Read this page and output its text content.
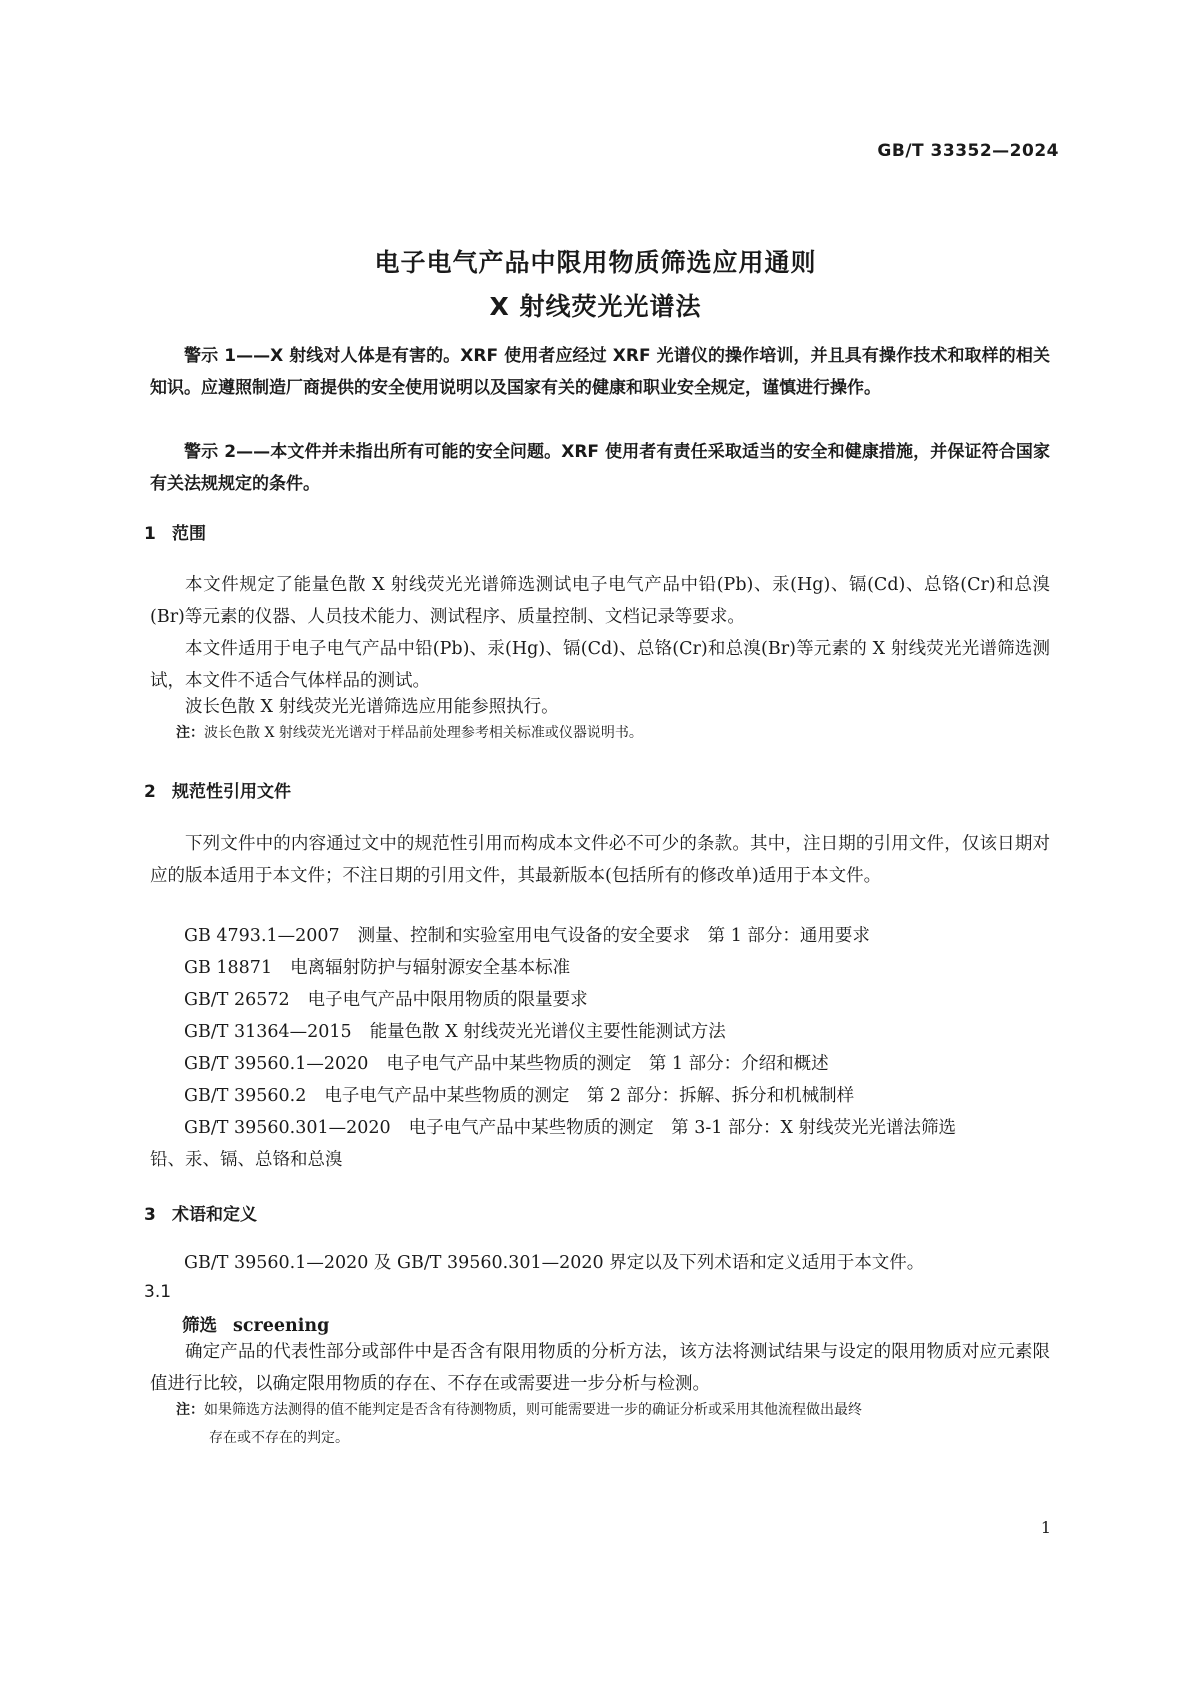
GB/T 33352—2024
电子电气产品中限用物质筛选应用通则
X 射线荧光光谱法
警示 1——X 射线对人体是有害的。XRF 使用者应经过 XRF 光谱仪的操作培训，并且具有操作技术和取样的相关知识。应遵照制造厂商提供的安全使用说明以及国家有关的健康和职业安全规定，谨慎进行操作。
警示 2——本文件并未指出所有可能的安全问题。XRF 使用者有责任采取适当的安全和健康措施，并保证符合国家有关法规规定的条件。
1 范围
本文件规定了能量色散 X 射线荧光光谱筛选测试电子电气产品中铅(Pb)、汞(Hg)、镉(Cd)、总铬(Cr)和总溴(Br)等元素的仪器、人员技术能力、测试程序、质量控制、文档记录等要求。
本文件适用于电子电气产品中铅(Pb)、汞(Hg)、镉(Cd)、总铬(Cr)和总溴(Br)等元素的 X 射线荧光光谱筛选测试，本文件不适合气体样品的测试。
波长色散 X 射线荧光光谱筛选应用能参照执行。
注：波长色散 X 射线荧光光谱对于样品前处理参考相关标准或仪器说明书。
2 规范性引用文件
下列文件中的内容通过文中的规范性引用而构成本文件必不可少的条款。其中，注日期的引用文件，仅该日期对应的版本适用于本文件；不注日期的引用文件，其最新版本(包括所有的修改单)适用于本文件。
GB 4793.1—2007 测量、控制和实验室用电气设备的安全要求　第 1 部分：通用要求
GB 18871 电离辐射防护与辐射源安全基本标准
GB/T 26572 电子电气产品中限用物质的限量要求
GB/T 31364—2015 能量色散 X 射线荧光光谱仪主要性能测试方法
GB/T 39560.1—2020 电子电气产品中某些物质的测定　第 1 部分：介绍和概述
GB/T 39560.2 电子电气产品中某些物质的测定　第 2 部分：拆解、拆分和机械制样
GB/T 39560.301—2020 电子电气产品中某些物质的测定　第 3-1 部分：X 射线荧光光谱法筛选
铅、汞、镉、总铬和总溴
3 术语和定义
GB/T 39560.1—2020 及 GB/T 39560.301—2020 界定以及下列术语和定义适用于本文件。
3.1
筛选 screening
确定产品的代表性部分或部件中是否含有限用物质的分析方法，该方法将测试结果与设定的限用物质对应元素限值进行比较，以确定限用物质的存在、不存在或需要进一步分析与检测。
注：如果筛选方法测得的值不能判定是否含有待测物质，则可能需要进一步的确证分析或采用其他流程做出最终
存在或不存在的判定。
1
